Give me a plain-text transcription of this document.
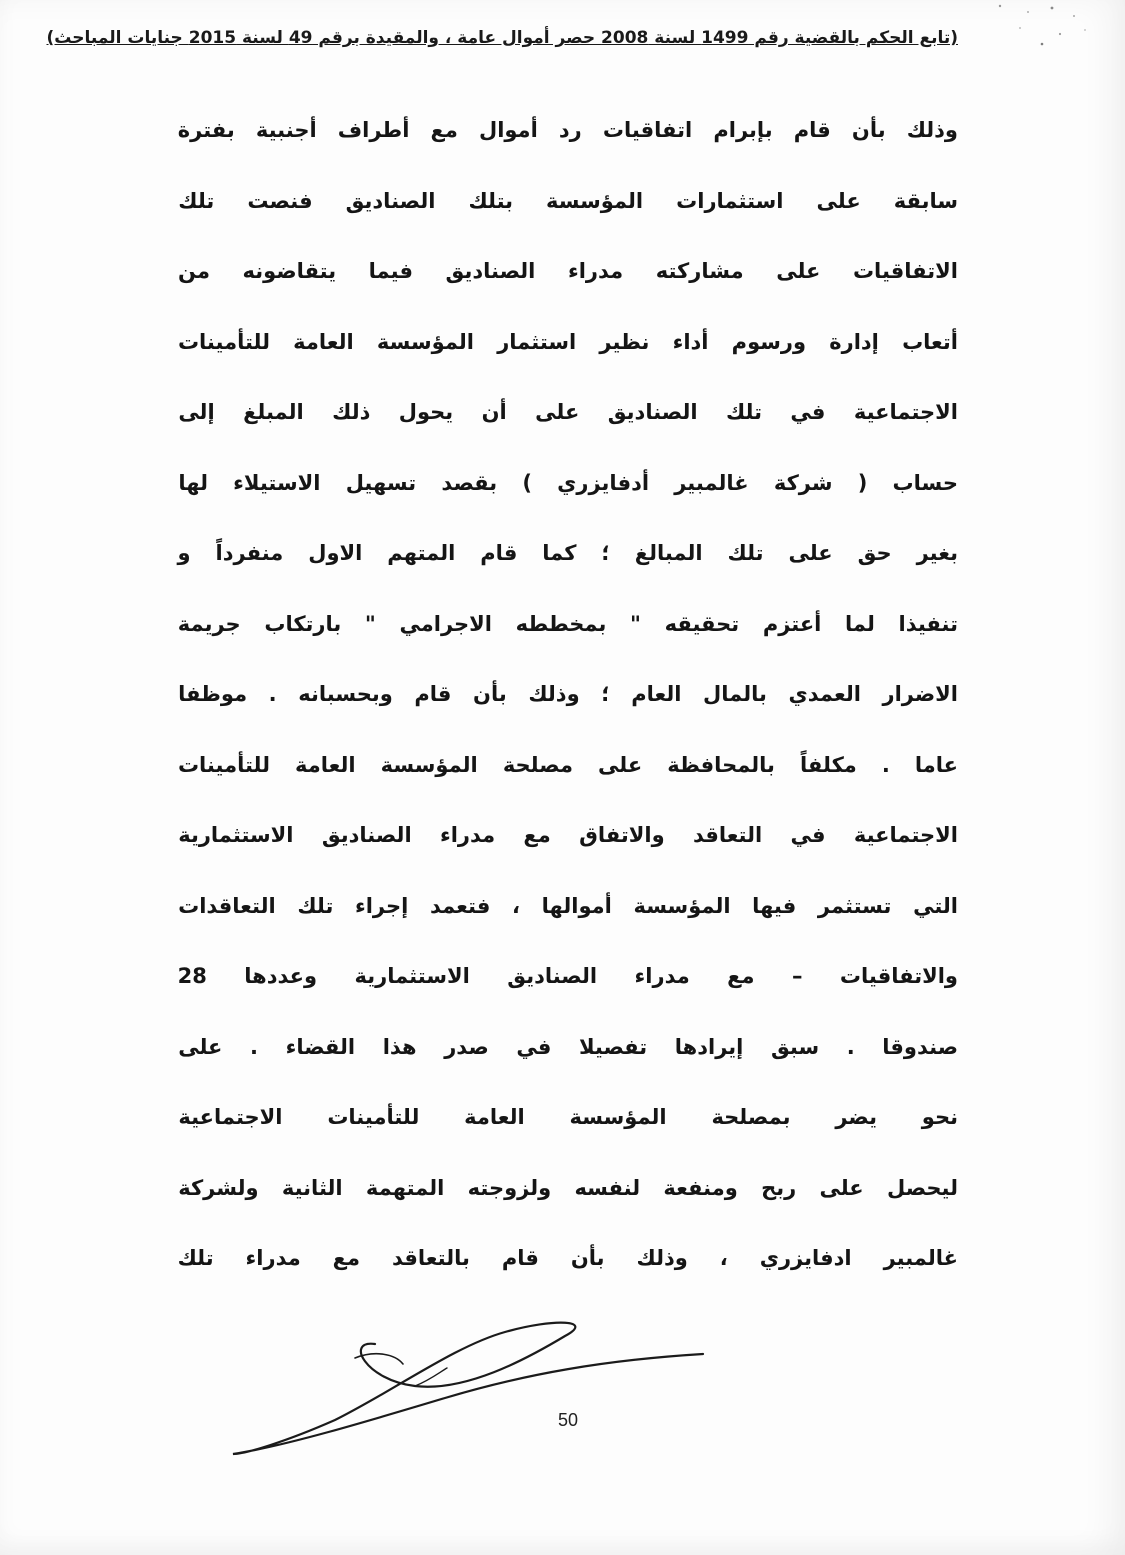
(تابع الحكم بالقضية رقم 1499 لسنة 2008 حصر أموال عامة ، والمقيدة برقم 49 لسنة 2015 جنايات المباحث)
وذلك بأن قام بإبرام اتفاقيات رد أموال مع أطراف أجنبية بفترة
سابقة على استثمارات المؤسسة بتلك الصناديق فنصت تلك
الاتفاقيات على مشاركته مدراء الصناديق فيما يتقاضونه من
أتعاب إدارة ورسوم أداء نظير استثمار المؤسسة العامة للتأمينات
الاجتماعية في تلك الصناديق على أن يحول ذلك المبلغ إلى
حساب ( شركة غالمبير أدفايزري ) بقصد تسهيل الاستيلاء لها
بغير حق على تلك المبالغ ؛ كما قام المتهم الاول منفرداً و
تنفيذا لما أعتزم تحقيقه " بمخططه الاجرامي " بارتكاب جريمة
الاضرار العمدي بالمال العام ؛ وذلك بأن قام وبحسبانه . موظفا
عاما . مكلفاً بالمحافظة على مصلحة المؤسسة العامة للتأمينات
الاجتماعية في التعاقد والاتفاق مع مدراء الصناديق الاستثمارية
التي تستثمر فيها المؤسسة أموالها ، فتعمد إجراء تلك التعاقدات
والاتفاقيات – مع مدراء الصناديق الاستثمارية وعددها 28
صندوقا . سبق إيرادها تفصيلا في صدر هذا القضاء . على
نحو يضر بمصلحة المؤسسة العامة للتأمينات الاجتماعية
ليحصل على ربح ومنفعة لنفسه ولزوجته المتهمة الثانية ولشركة
غالمبير ادفايزري ، وذلك بأن قام بالتعاقد مع مدراء تلك
50
